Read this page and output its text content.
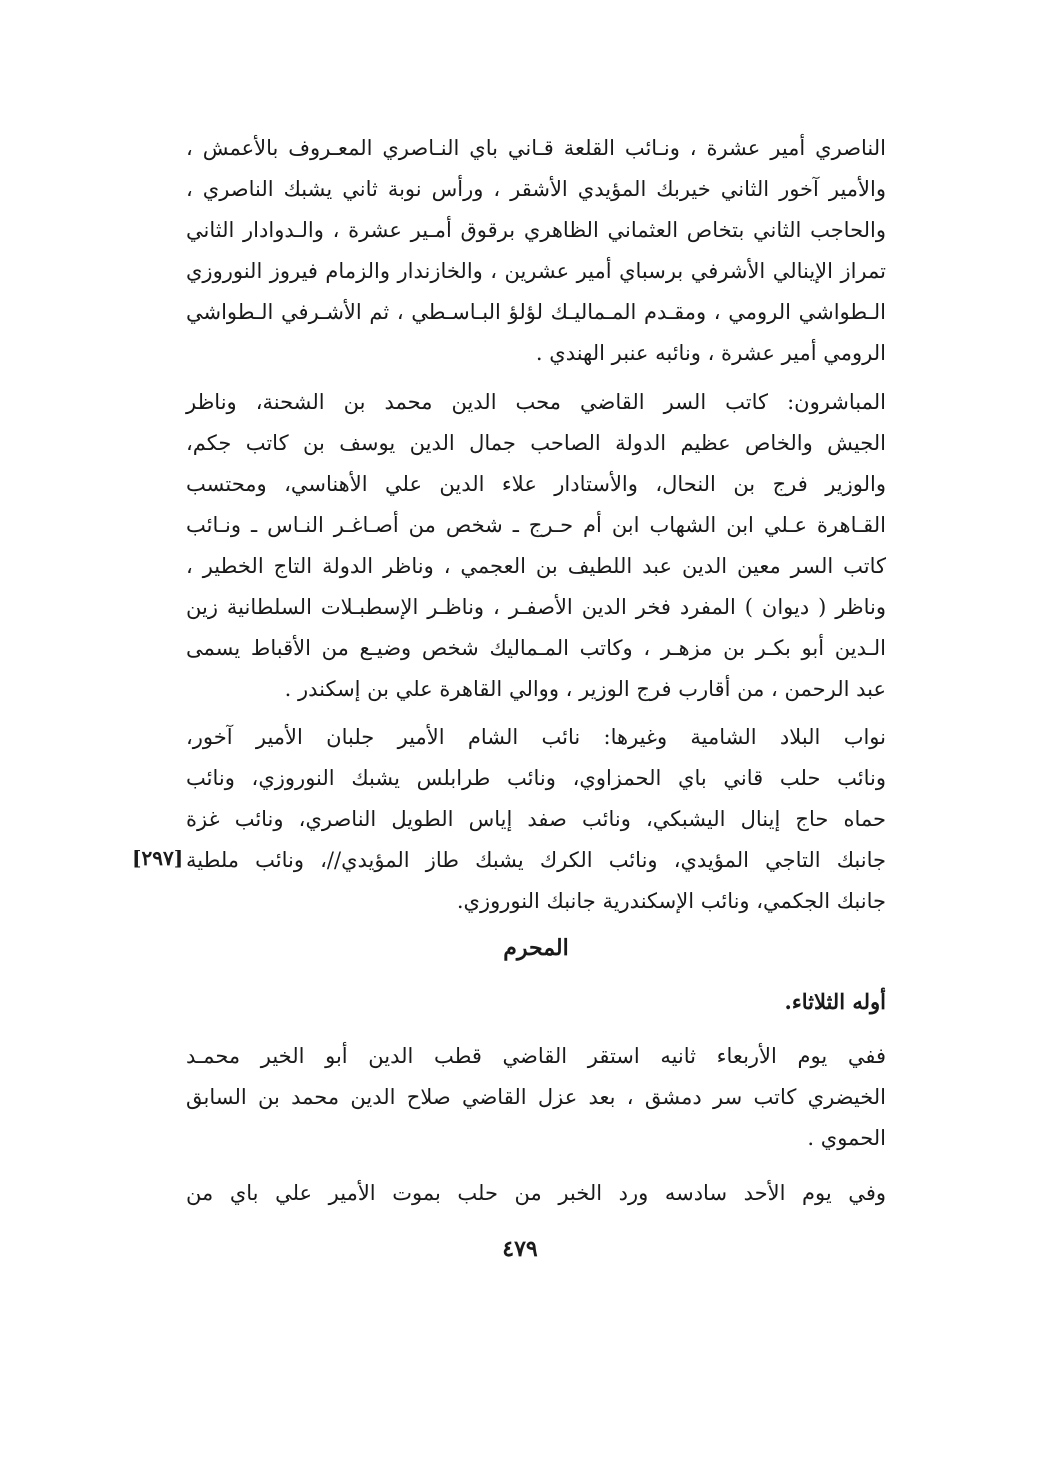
الناصري أمير عشرة ، ونـائب القلعة قـاني باي النـاصري المعـروف بالأعمش ،
والأمير آخور الثاني خيربك المؤيدي الأشقر ، ورأس نوبة ثاني يشبك الناصري ،
والحاجب الثاني بتخاص العثماني الظاهري برقوق أمـير عشرة ، والـدوادار الثاني
تمراز الإينالي الأشرفي برسباي أمير عشرين ، والخازندار والزمام فيروز النوروزي
الـطواشي الرومي ، ومقـدم المـماليـك لؤلؤ البـاسـطي ، ثم الأشـرفي الـطواشي
الرومي أمير عشرة ، ونائبه عنبر الهندي .
المباشرون: كاتب السر القاضي محب الدين محمد بن الشحنة، وناظر
الجيش والخاص عظيم الدولة الصاحب جمال الدين يوسف بن كاتب جكم،
والوزير فرج بن النحال، والأستادار علاء الدين علي الأهناسي، ومحتسب
القـاهرة عـلي ابن الشهاب ابن أم حـرج ـ شخص من أصـاغـر النـاس ـ ونـائب
كاتب السر معين الدين عبد اللطيف بن العجمي ، وناظر الدولة التاج الخطير ،
وناظر ( ديوان ) المفرد فخر الدين الأصفـر ، وناظـر الإسطبـلات السلطانية زين
الـدين أبو بكـر بن مزهـر ، وكاتب المـماليك شخص وضيـع من الأقباط يسمى
عبد الرحمن ، من أقارب فرج الوزير ، ووالي القاهرة علي بن إسكندر .
نواب البلاد الشامية وغيرها: نائب الشام الأمير جلبان الأمير آخور،
ونائب حلب قاني باي الحمزاوي، ونائب طرابلس يشبك النوروزي، ونائب
حماه حاج إينال اليشبكي، ونائب صفد إياس الطويل الناصري، ونائب غزة
جانبك التاجي المؤيدي، ونائب الكرك يشبك طاز المؤيدي//، ونائب ملطية
جانبك الجكمي، ونائب الإسكندرية جانبك النوروزي.
[٢٩٧]
المحرم
أوله الثلاثاء.
ففي يوم الأربعاء ثانيه استقر القاضي قطب الدين أبو الخير محمـد
الخيضري كاتب سر دمشق ، بعد عزل القاضي صلاح الدين محمد بن السابق
الحموي .
وفي يوم الأحد سادسه ورد الخبر من حلب بموت الأمير علي باي من
٤٧٩
